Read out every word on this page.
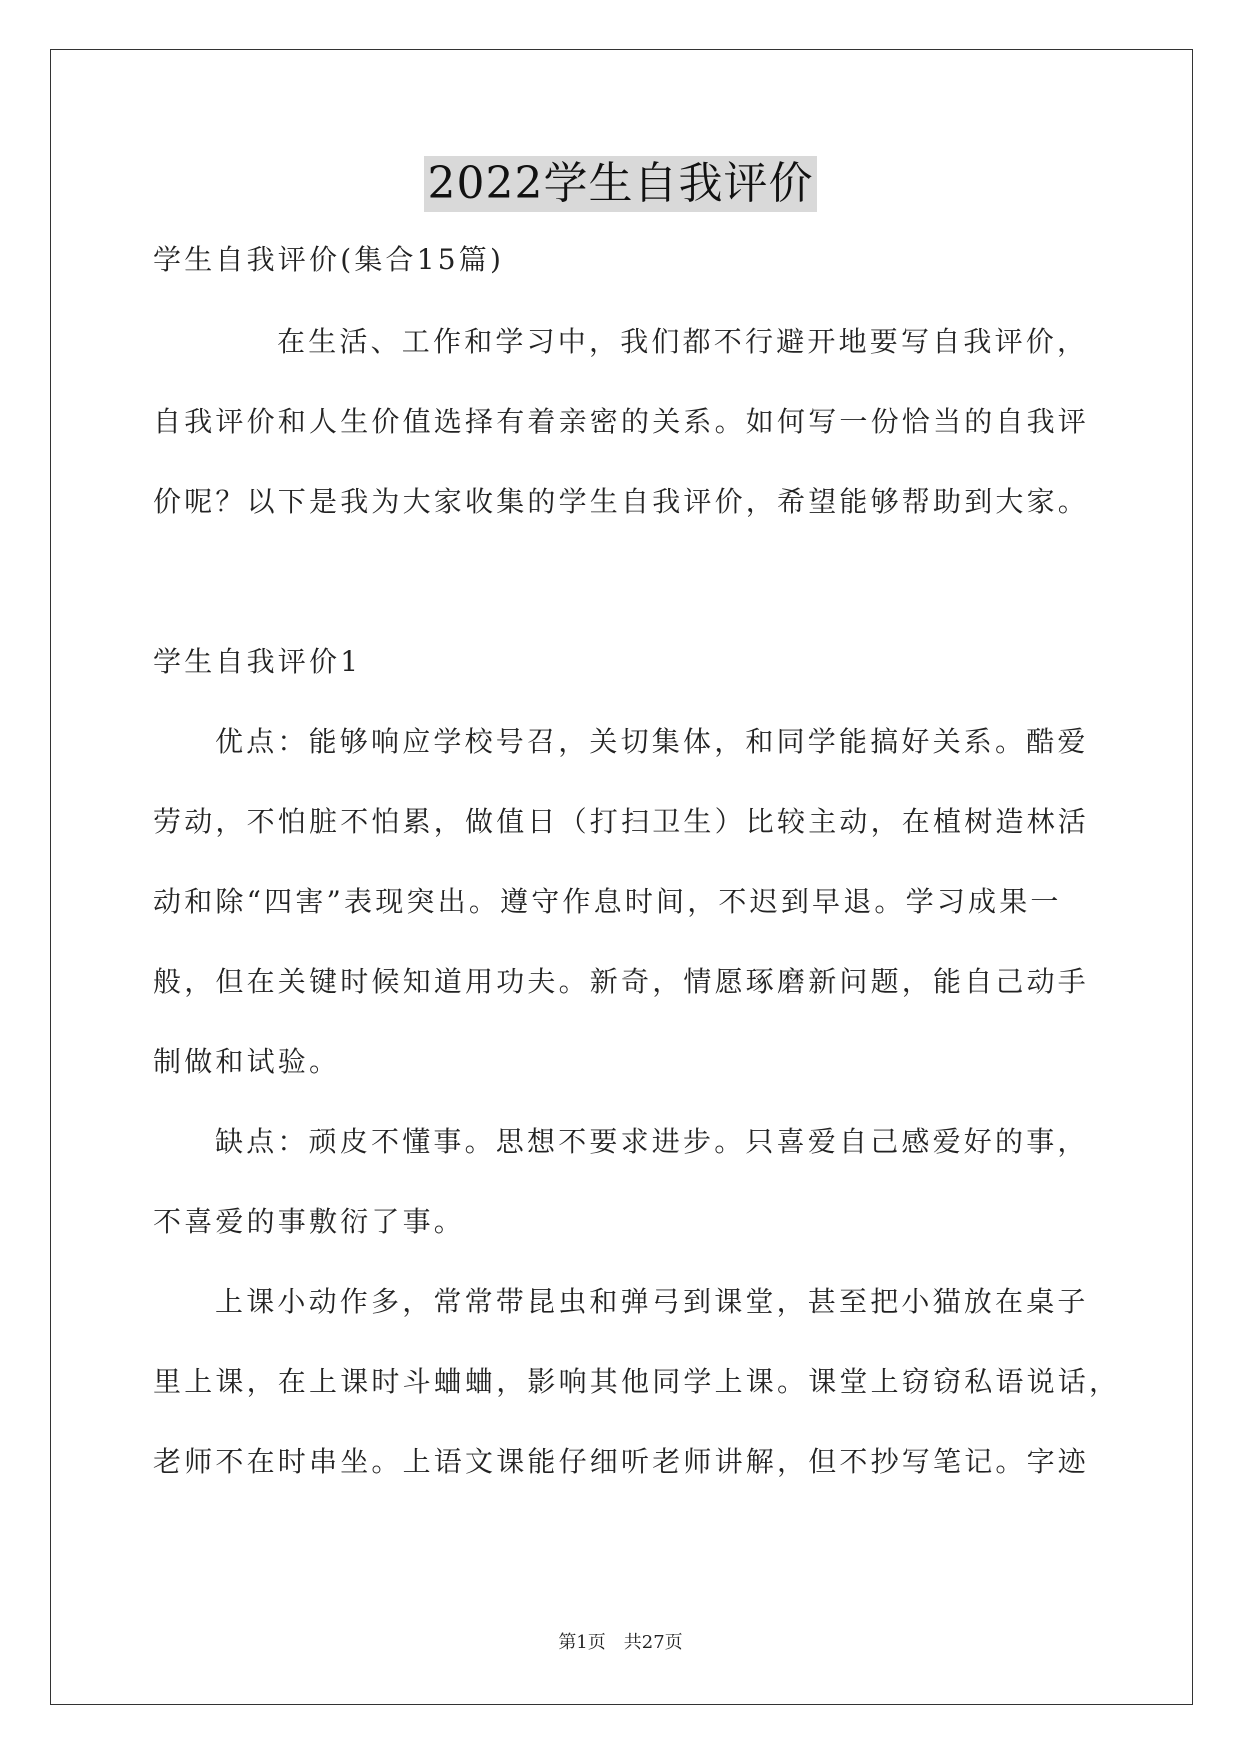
2022学生自我评价
学生自我评价(集合15篇)
在生活、工作和学习中，我们都不行避开地要写自我评价，
自我评价和人生价值选择有着亲密的关系。如何写一份恰当的自我评
价呢？以下是我为大家收集的学生自我评价，希望能够帮助到大家。
学生自我评价1
优点：能够响应学校号召，关切集体，和同学能搞好关系。酷爱
劳动，不怕脏不怕累，做值日（打扫卫生）比较主动，在植树造林活
动和除“四害”表现突出。遵守作息时间，不迟到早退。学习成果一
般，但在关键时候知道用功夫。新奇，情愿琢磨新问题，能自己动手
制做和试验。
缺点：顽皮不懂事。思想不要求进步。只喜爱自己感爱好的事，
不喜爱的事敷衍了事。
上课小动作多，常常带昆虫和弹弓到课堂，甚至把小猫放在桌子
里上课，在上课时斗蛐蛐，影响其他同学上课。课堂上窃窃私语说话，
老师不在时串坐。上语文课能仔细听老师讲解，但不抄写笔记。字迹
第1页　共27页
